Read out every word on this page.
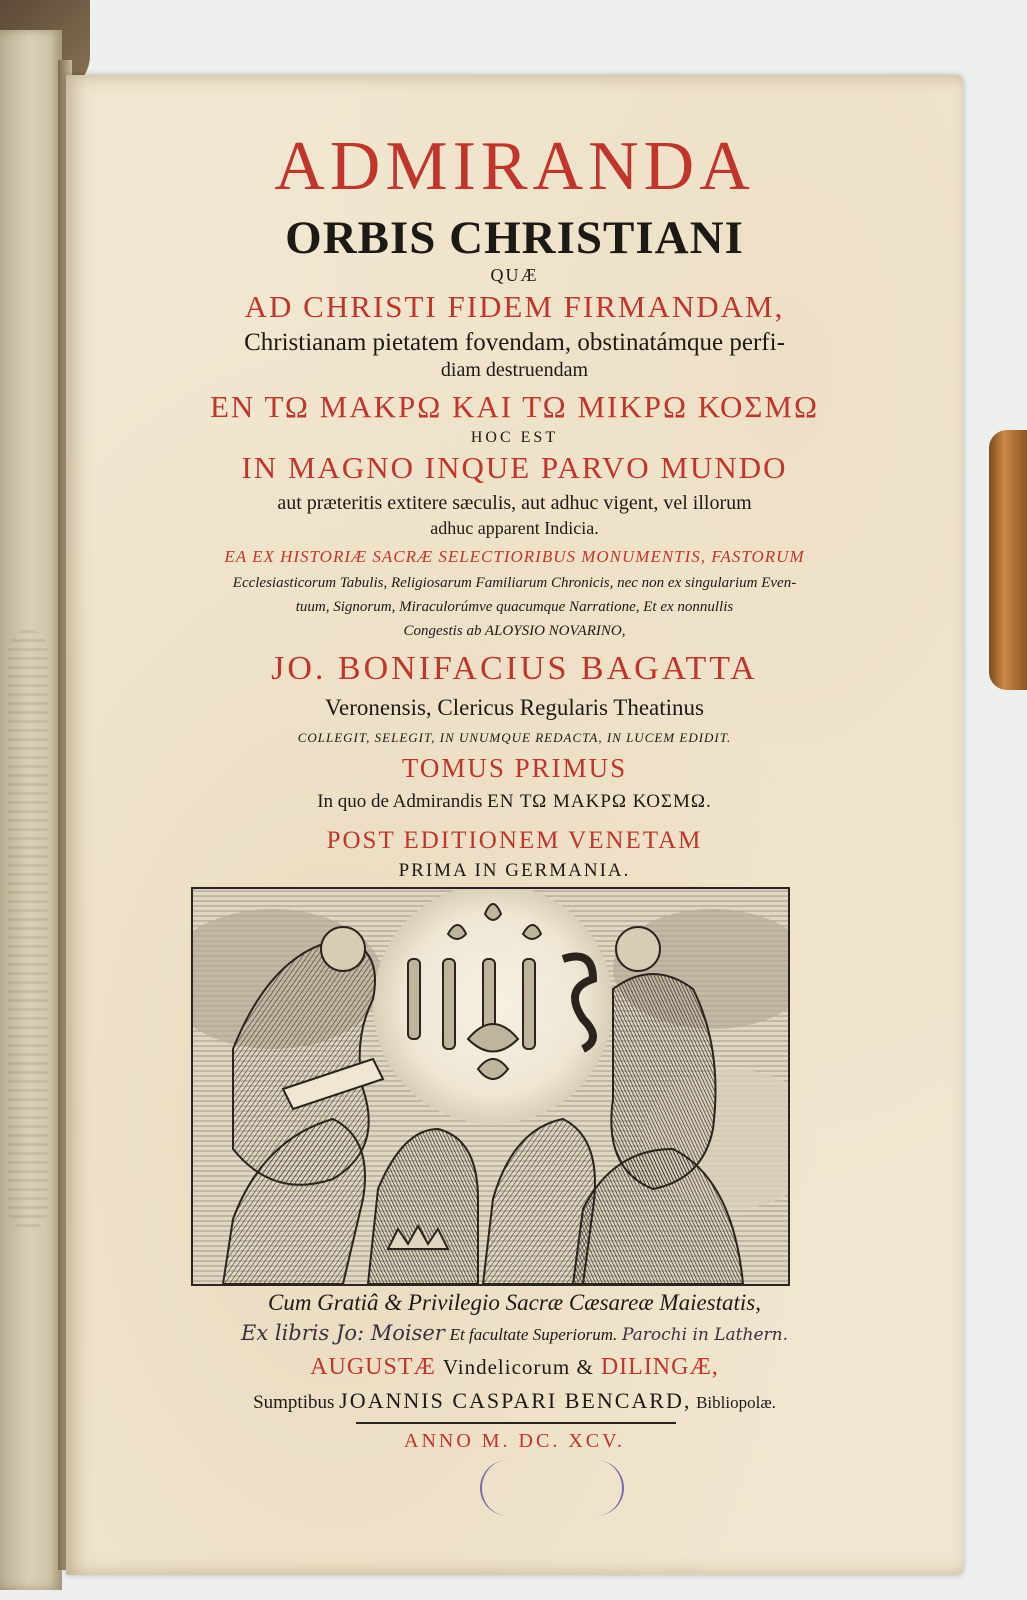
ADMIRANDA
ORBIS CHRISTIANI
QUÆ
AD CHRISTI FIDEM FIRMANDAM,
Christianam pietatem fovendam, obstinatámque perfi-
diam destruendam
ΕΝ ΤΩ ΜΑΚΡΩ ΚΑΙ ΤΩ ΜΙΚΡΩ ΚΟΣΜΩ
HOC EST
IN MAGNO INQUE PARVO MUNDO
aut præteritis extitere sæculis, aut adhuc vigent, vel illorum
adhuc apparent Indicia.
EA EX HISTORIÆ SACRÆ SELECTIORIBUS MONUMENTIS, FASTORUM
Ecclesiasticorum Tabulis, Religiosarum Familiarum Chronicis, nec non ex singularium Even-
tuum, Signorum, Miraculorúmve quacumque Narratione, Et ex nonnullis
Congestis ab ALOYSIO NOVARINO,
JO. BONIFACIUS BAGATTA
Veronensis, Clericus Regularis Theatinus
COLLEGIT, SELEGIT, IN UNUMQUE REDACTA, IN LUCEM EDIDIT.
TOMUS PRIMUS
In quo de Admirandis ΕΝ ΤΩ ΜΑΚΡΩ ΚΟΣΜΩ.
POST EDITIONEM VENETAM
PRIMA IN GERMANIA.
Cum Gratiâ & Privilegio Sacræ Cæsareæ Maiestatis,
Ex libris Jo: Moiser Et facultate Superiorum. Parochi in Lathern.
AUGUSTÆ Vindelicorum & DILINGÆ,
Sumptibus JOANNIS CASPARI BENCARD, Bibliopolæ.
ANNO M. DC. XCV.
